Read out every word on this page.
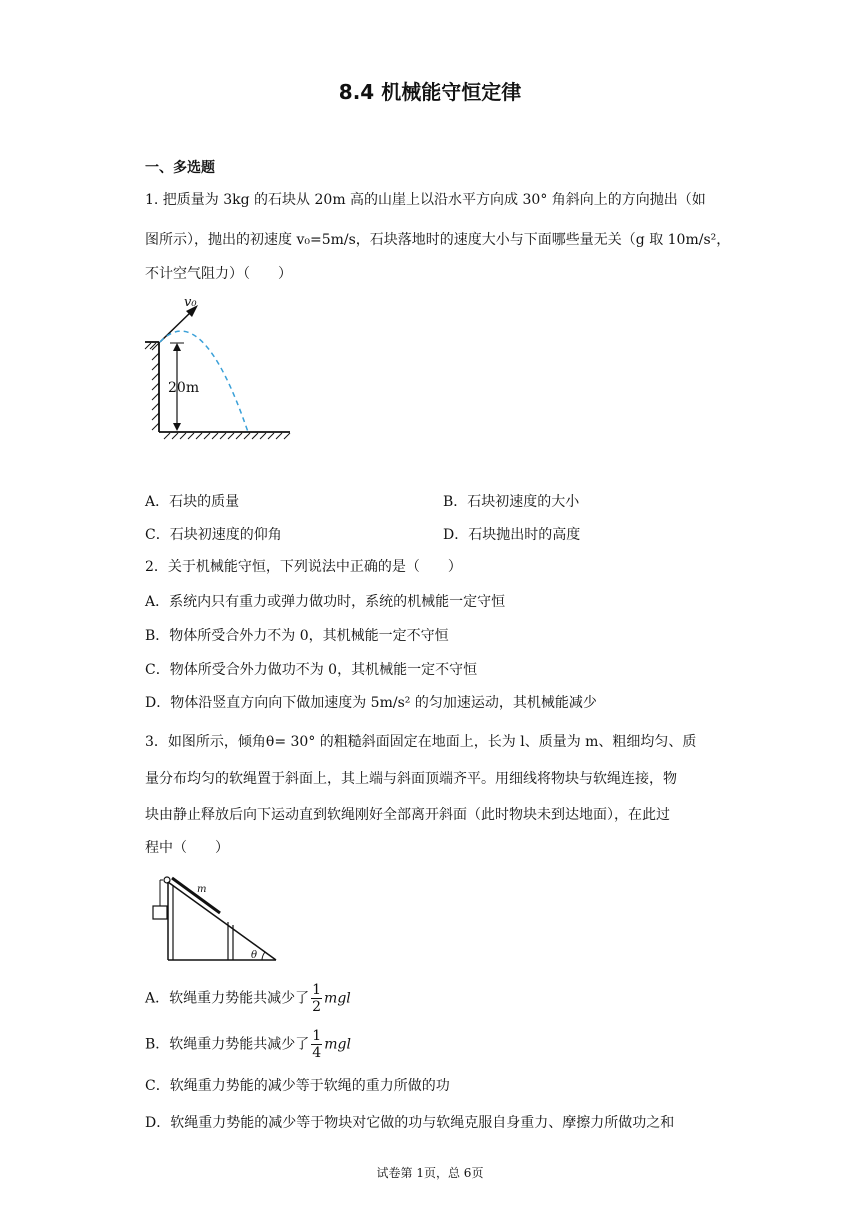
8.4 机械能守恒定律
一、多选题
1. 把质量为 3kg 的石块从 20m 高的山崖上以沿水平方向成 30° 角斜向上的方向抛出（如
图所示），抛出的初速度 v₀=5m/s，石块落地时的速度大小与下面哪些量无关（g 取 10m/s²，
不计空气阻力）（　　）
20m
v₀
A．石块的质量	B．石块初速度的大小
C．石块初速度的仰角	D．石块抛出时的高度
2．关于机械能守恒，下列说法中正确的是（　　）
A．系统内只有重力或弹力做功时，系统的机械能一定守恒
B．物体所受合外力不为 0，其机械能一定不守恒
C．物体所受合外力做功不为 0，其机械能一定不守恒
D．物体沿竖直方向向下做加速度为 5m/s² 的匀加速运动，其机械能减少
3．如图所示，倾角θ= 30° 的粗糙斜面固定在地面上，长为 l、质量为 m、粗细均匀、质
量分布均匀的软绳置于斜面上，其上端与斜面顶端齐平。用细线将物块与软绳连接，物
块由静止释放后向下运动直到软绳刚好全部离开斜面（此时物块未到达地面），在此过
程中（　　）
m
θ
A．软绳重力势能共减少了 $\frac{1}{2}$ mgl
B．软绳重力势能共减少了 $\frac{1}{4}$ mgl
C．软绳重力势能的减少等于软绳的重力所做的功
D．软绳重力势能的减少等于物块对它做的功与软绳克服自身重力、摩擦力所做功之和
试卷第 1页，总 6页
